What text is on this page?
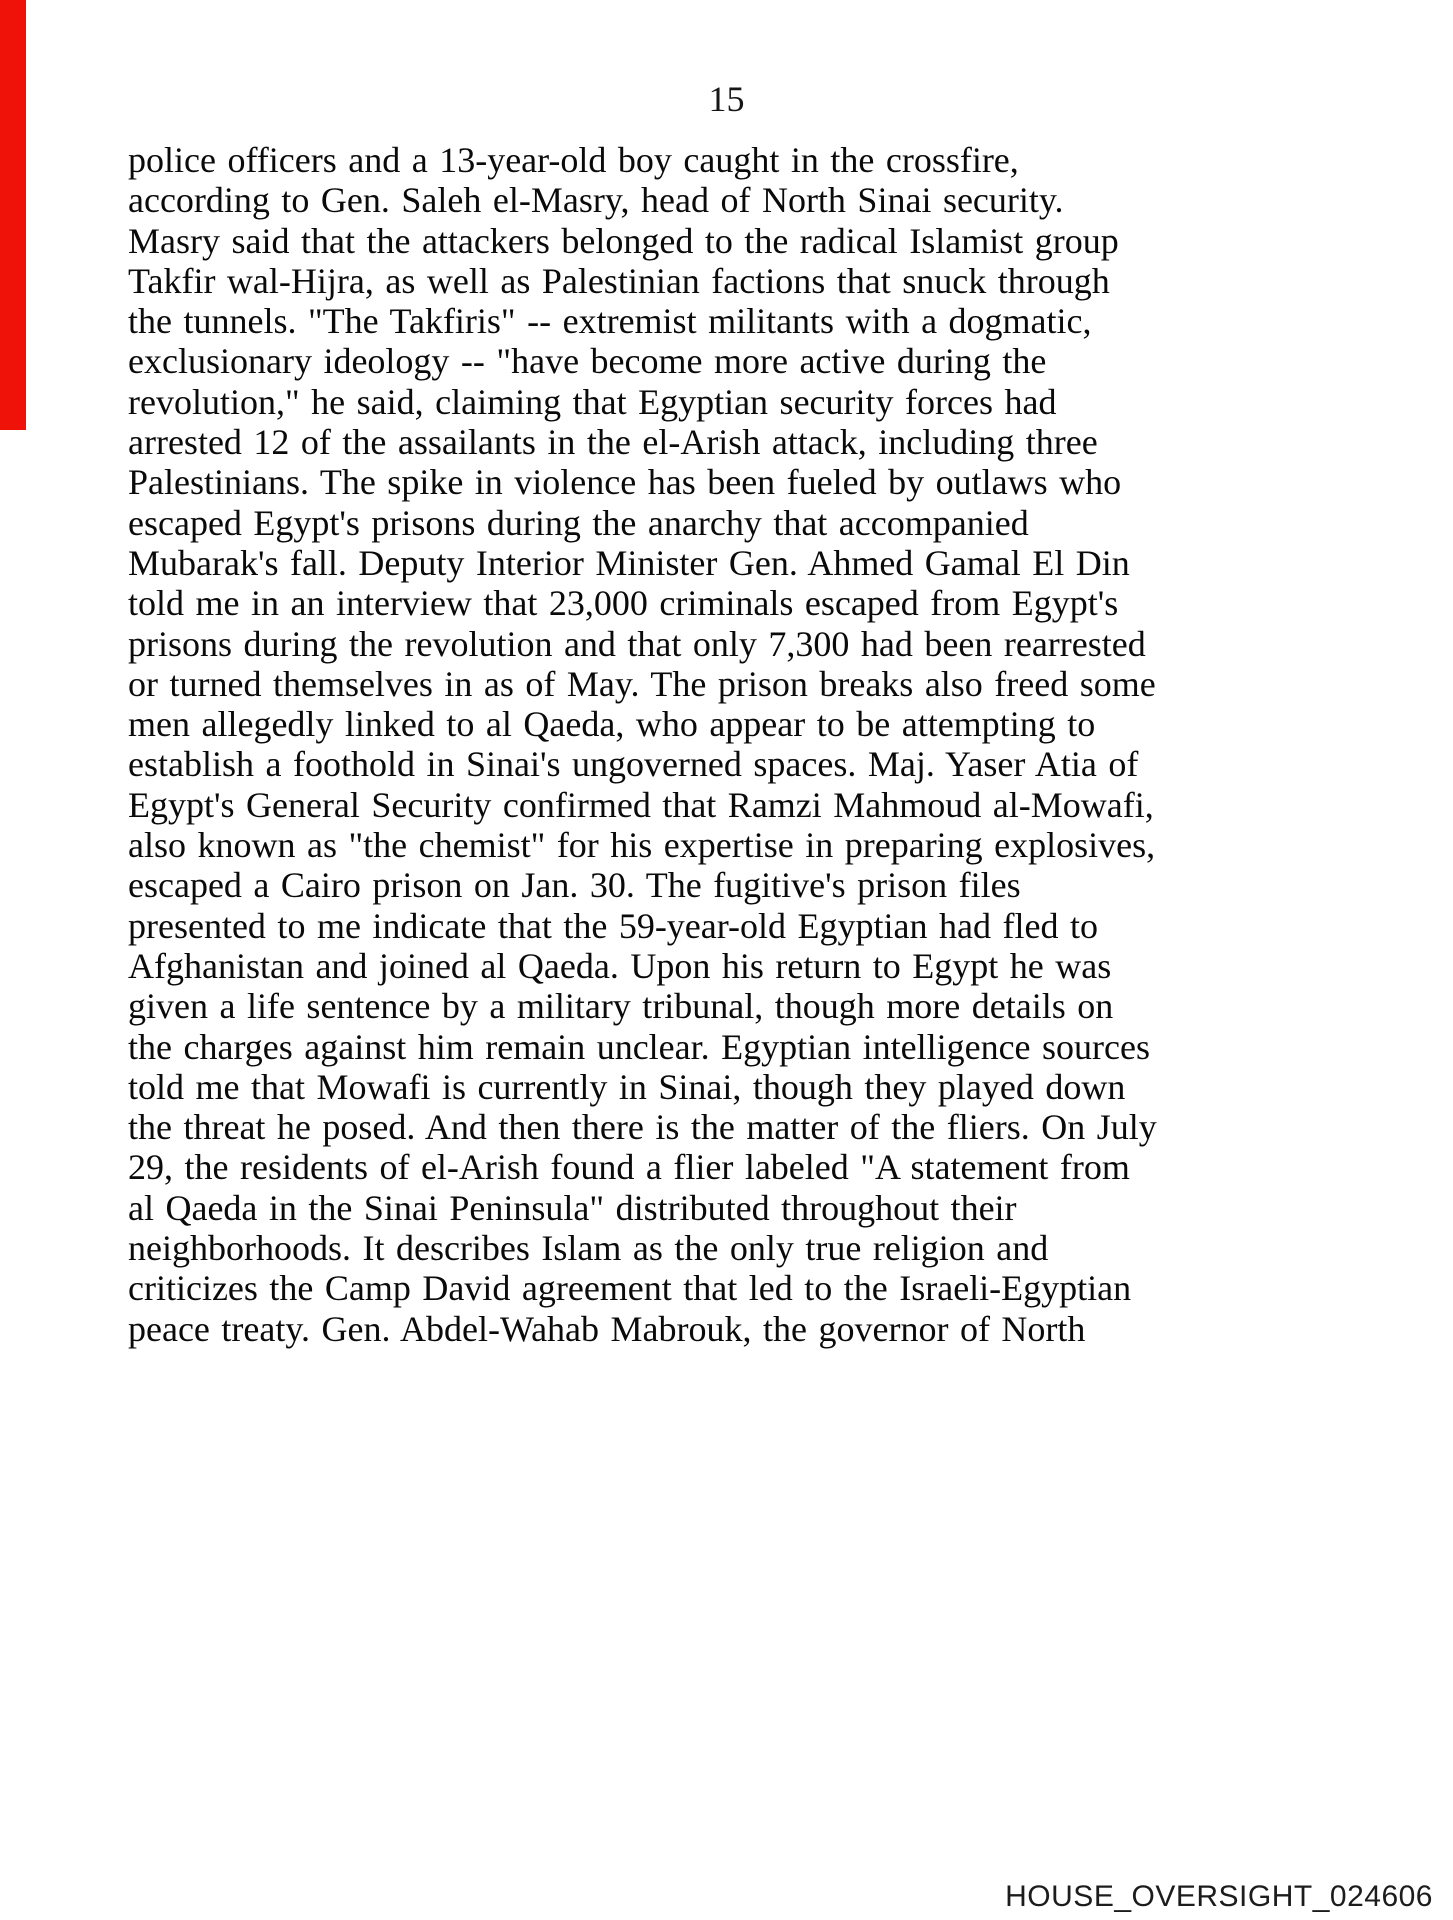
15
police officers and a 13-year-old boy caught in the crossfire,
according to Gen. Saleh el-Masry, head of North Sinai security.
Masry said that the attackers belonged to the radical Islamist group
Takfir wal-Hijra, as well as Palestinian factions that snuck through
the tunnels. "The Takfiris" -- extremist militants with a dogmatic,
exclusionary ideology -- "have become more active during the
revolution," he said, claiming that Egyptian security forces had
arrested 12 of the assailants in the el-Arish attack, including three
Palestinians. The spike in violence has been fueled by outlaws who
escaped Egypt's prisons during the anarchy that accompanied
Mubarak's fall. Deputy Interior Minister Gen. Ahmed Gamal El Din
told me in an interview that 23,000 criminals escaped from Egypt's
prisons during the revolution and that only 7,300 had been rearrested
or turned themselves in as of May. The prison breaks also freed some
men allegedly linked to al Qaeda, who appear to be attempting to
establish a foothold in Sinai's ungoverned spaces. Maj. Yaser Atia of
Egypt's General Security confirmed that Ramzi Mahmoud al-Mowafi,
also known as "the chemist" for his expertise in preparing explosives,
escaped a Cairo prison on Jan. 30. The fugitive's prison files
presented to me indicate that the 59-year-old Egyptian had fled to
Afghanistan and joined al Qaeda. Upon his return to Egypt he was
given a life sentence by a military tribunal, though more details on
the charges against him remain unclear. Egyptian intelligence sources
told me that Mowafi is currently in Sinai, though they played down
the threat he posed. And then there is the matter of the fliers. On July
29, the residents of el-Arish found a flier labeled "A statement from
al Qaeda in the Sinai Peninsula" distributed throughout their
neighborhoods. It describes Islam as the only true religion and
criticizes the Camp David agreement that led to the Israeli-Egyptian
peace treaty. Gen. Abdel-Wahab Mabrouk, the governor of North
HOUSE_OVERSIGHT_024606
